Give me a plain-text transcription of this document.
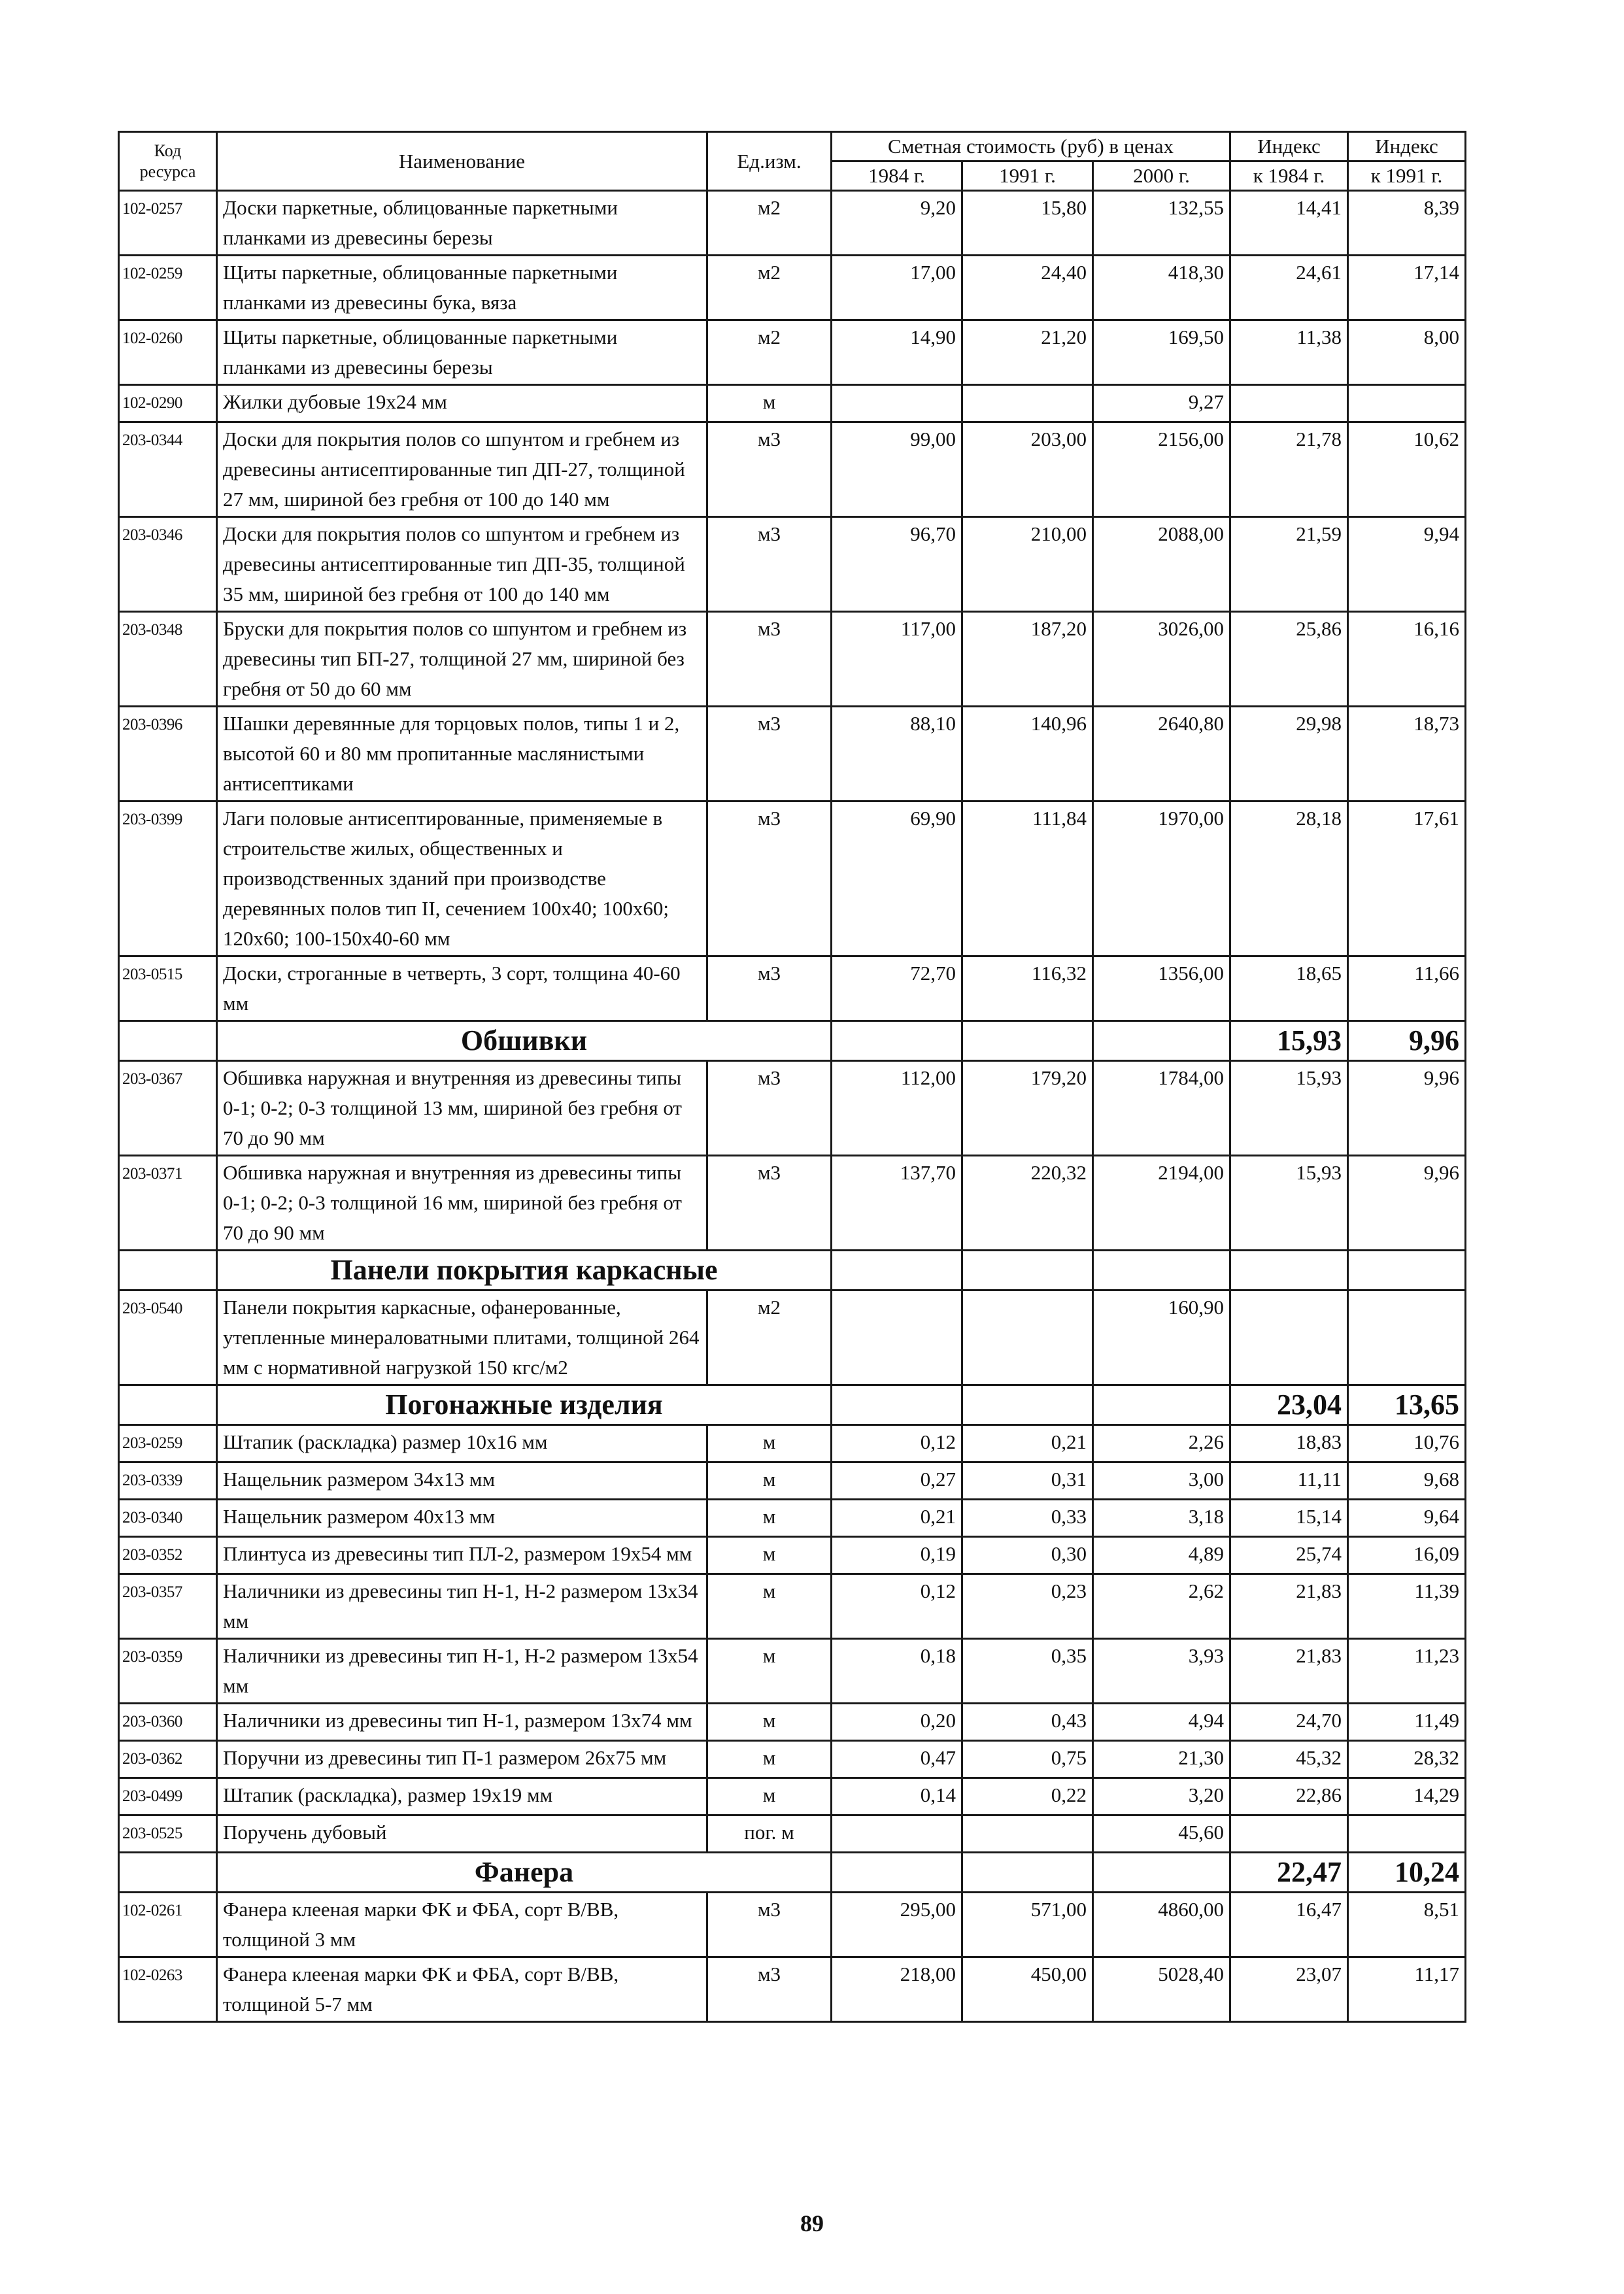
Код ресурса	Наименование	Ед.изм.	Сметная стоимость (руб) в ценах			Индекс	Индекс
			1984 г.	1991 г.	2000 г.	к 1984 г.	к 1991 г.
102-0257	Доски паркетные, облицованные паркетными планками из древесины березы	м2	9,20	15,80	132,55	14,41	8,39
102-0259	Щиты паркетные, облицованные паркетными планками из древесины бука, вяза	м2	17,00	24,40	418,30	24,61	17,14
102-0260	Щиты паркетные, облицованные паркетными планками из древесины березы	м2	14,90	21,20	169,50	11,38	8,00
102-0290	Жилки дубовые 19х24 мм	м			9,27		
203-0344	Доски для покрытия полов со шпунтом и гребнем из древесины антисептированные тип ДП-27, толщиной 27 мм, шириной без гребня от 100 до 140 мм	м3	99,00	203,00	2156,00	21,78	10,62
203-0346	Доски для покрытия полов со шпунтом и гребнем из древесины антисептированные тип ДП-35, толщиной 35 мм, шириной без гребня от 100 до 140 мм	м3	96,70	210,00	2088,00	21,59	9,94
203-0348	Бруски для покрытия полов со шпунтом и гребнем из древесины тип БП-27, толщиной 27 мм, шириной без гребня от 50 до 60 мм	м3	117,00	187,20	3026,00	25,86	16,16
203-0396	Шашки деревянные для торцовых полов, типы 1 и 2, высотой 60 и 80 мм пропитанные маслянистыми антисептиками	м3	88,10	140,96	2640,80	29,98	18,73
203-0399	Лаги половые антисептированные, применяемые в строительстве жилых, общественных и производственных зданий при производстве деревянных полов тип II, сечением 100х40; 100х60; 120х60; 100-150х40-60 мм	м3	69,90	111,84	1970,00	28,18	17,61
203-0515	Доски, строганные в четверть, 3 сорт, толщина 40-60 мм	м3	72,70	116,32	1356,00	18,65	11,66
	Обшивки					15,93	9,96
203-0367	Обшивка наружная и внутренняя из древесины типы 0-1; 0-2; 0-3 толщиной 13 мм, шириной без гребня от 70 до 90 мм	м3	112,00	179,20	1784,00	15,93	9,96
203-0371	Обшивка наружная и внутренняя из древесины типы 0-1; 0-2; 0-3 толщиной 16 мм, шириной без гребня от 70 до 90 мм	м3	137,70	220,32	2194,00	15,93	9,96
	Панели покрытия каркасные						
203-0540	Панели покрытия каркасные, офанерованные, утепленные минераловатными плитами, толщиной 264 мм с нормативной нагрузкой 150 кгс/м2	м2			160,90		
	Погонажные изделия					23,04	13,65
203-0259	Штапик (раскладка) размер 10х16 мм	м	0,12	0,21	2,26	18,83	10,76
203-0339	Нащельник размером 34х13 мм	м	0,27	0,31	3,00	11,11	9,68
203-0340	Нащельник размером 40х13 мм	м	0,21	0,33	3,18	15,14	9,64
203-0352	Плинтуса из древесины тип ПЛ-2, размером 19х54 мм	м	0,19	0,30	4,89	25,74	16,09
203-0357	Наличники из древесины тип Н-1, Н-2 размером 13х34 мм	м	0,12	0,23	2,62	21,83	11,39
203-0359	Наличники из древесины тип Н-1, Н-2 размером 13х54 мм	м	0,18	0,35	3,93	21,83	11,23
203-0360	Наличники из древесины тип Н-1, размером 13х74 мм	м	0,20	0,43	4,94	24,70	11,49
203-0362	Поручни из древесины тип П-1 размером 26х75 мм	м	0,47	0,75	21,30	45,32	28,32
203-0499	Штапик (раскладка), размер 19х19 мм	м	0,14	0,22	3,20	22,86	14,29
203-0525	Поручень дубовый	пог. м			45,60		
	Фанера					22,47	10,24
102-0261	Фанера клееная марки ФК и ФБА, сорт В/ВВ, толщиной 3 мм	м3	295,00	571,00	4860,00	16,47	8,51
102-0263	Фанера клееная марки ФК и ФБА, сорт В/ВВ, толщиной 5-7 мм	м3	218,00	450,00	5028,40	23,07	11,17
89
